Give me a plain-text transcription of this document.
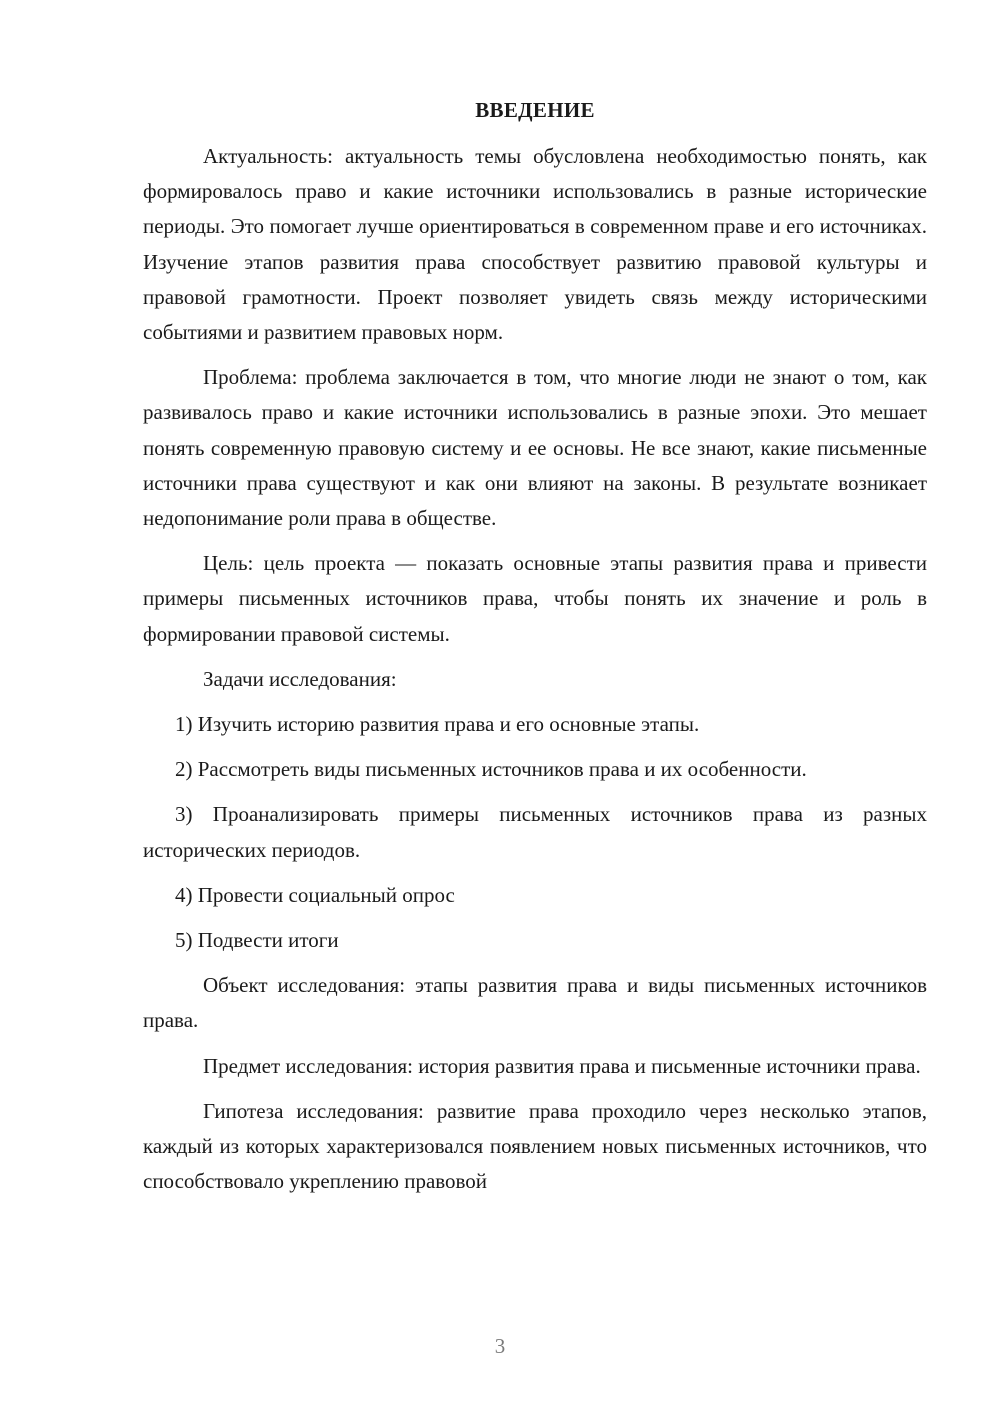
ВВЕДЕНИЕ

Актуальность: актуальность темы обусловлена необходимостью понять, как формировалось право и какие источники использовались в разные исторические периоды. Это помогает лучше ориентироваться в современном праве и его источниках. Изучение этапов развития права способствует развитию правовой культуры и правовой грамотности. Проект позволяет увидеть связь между историческими событиями и развитием правовых норм.

Проблема: проблема заключается в том, что многие люди не знают о том, как развивалось право и какие источники использовались в разные эпохи. Это мешает понять современную правовую систему и ее основы. Не все знают, какие письменные источники права существуют и как они влияют на законы. В результате возникает недопонимание роли права в обществе.

Цель: цель проекта — показать основные этапы развития права и привести примеры письменных источников права, чтобы понять их значение и роль в формировании правовой системы.

Задачи исследования:

1) Изучить историю развития права и его основные этапы.

2) Рассмотреть виды письменных источников права и их особенности.

3) Проанализировать примеры письменных источников права из разных исторических периодов.

4) Провести социальный опрос

5) Подвести итоги

Объект исследования: этапы развития права и виды письменных источников права.

Предмет исследования: история развития права и письменные источники права.

Гипотеза исследования: развитие права проходило через несколько этапов, каждый из которых характеризовался появлением новых письменных источников, что способствовало укреплению правовой

3
